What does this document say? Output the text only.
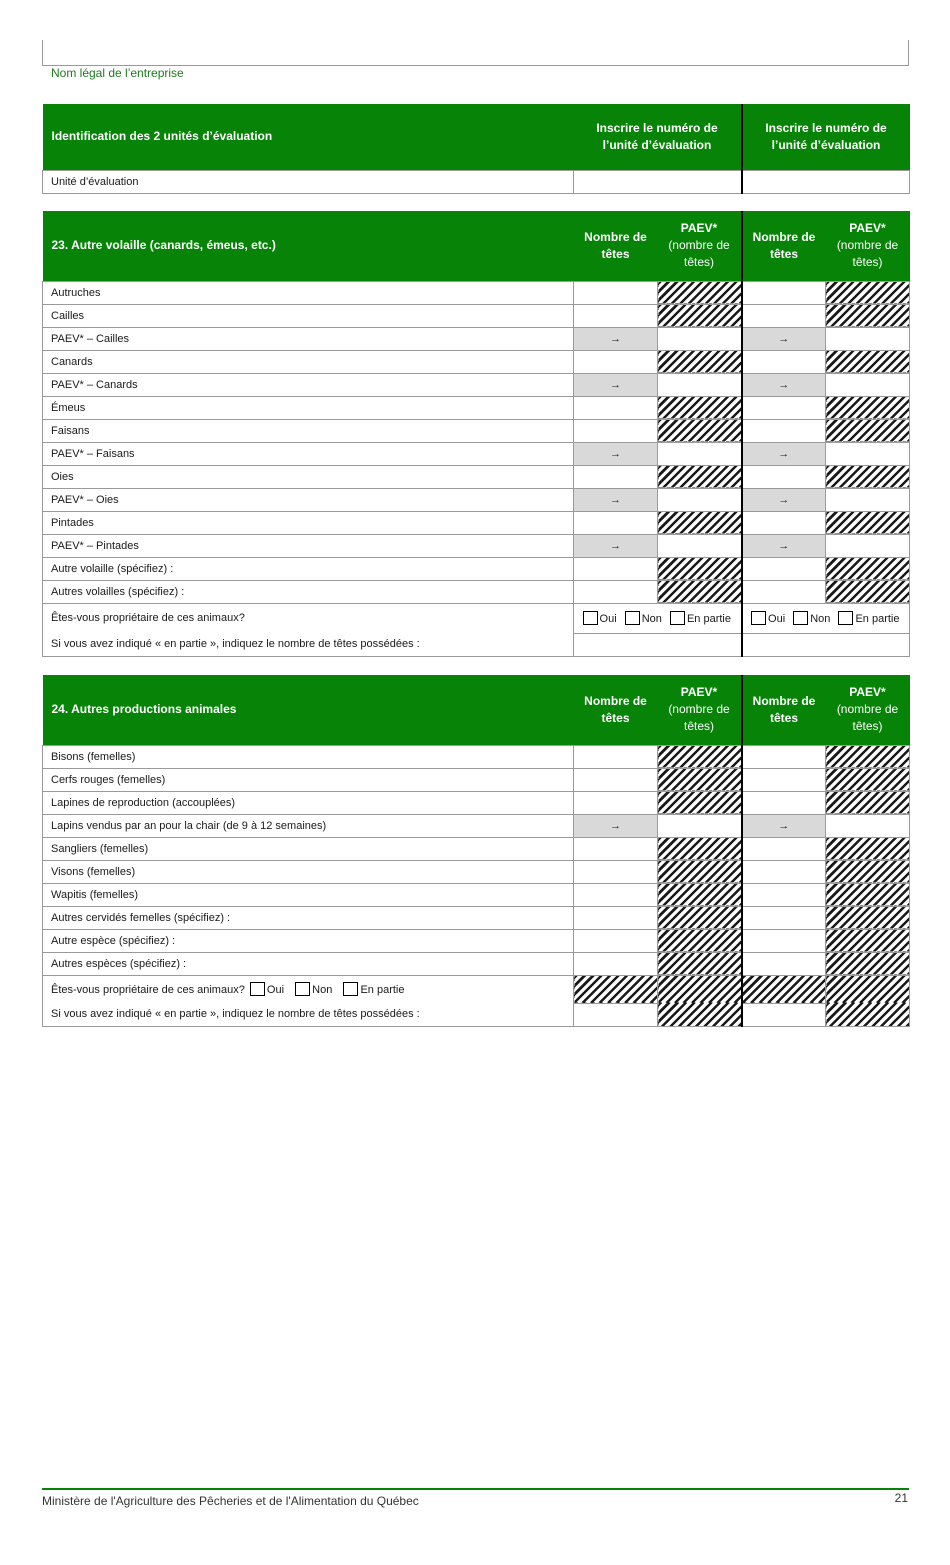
Nom légal de l’entreprise
Identification des 2 unités d’évaluation	Inscrire le numéro de l’unité d’évaluation	Inscrire le numéro de l’unité d’évaluation
Unité d’évaluation		
23. Autre volaille (canards, émeus, etc.)	Nombre de têtes	PAEV*
(nombre de têtes)	Nombre de têtes	PAEV*
(nombre de têtes)
Autruches				
Cailles				
PAEV* – Cailles	→		→	
Canards				
PAEV* – Canards	→		→	
Émeus				
Faisans				
PAEV* – Faisans	→		→	
Oies				
PAEV* – Oies	→		→	
Pintades				
PAEV* – Pintades	→		→	
Autre volaille (spécifiez) :				
Autres volailles (spécifiez) :				
Êtes-vous propriétaire de ces animaux?	Oui Non En partie		Oui Non En partie	
Si vous avez indiqué « en partie », indiquez le nombre de têtes possédées :				
24. Autres productions animales	Nombre de têtes	PAEV*
(nombre de têtes)	Nombre de têtes	PAEV*
(nombre de têtes)
Bisons (femelles)				
Cerfs rouges (femelles)				
Lapines de reproduction (accouplées)				
Lapins vendus par an pour la chair (de 9 à 12 semaines)	→		→	
Sangliers (femelles)				
Visons (femelles)				
Wapitis (femelles)				
Autres cervidés femelles (spécifiez) :				
Autre espèce (spécifiez) :				
Autres espèces (spécifiez) :				
Êtes-vous propriétaire de ces animaux? Oui Non En partie				
Si vous avez indiqué « en partie », indiquez le nombre de têtes possédées :				
Ministère de l'Agriculture des Pêcheries et de l'Alimentation du Québec	21
